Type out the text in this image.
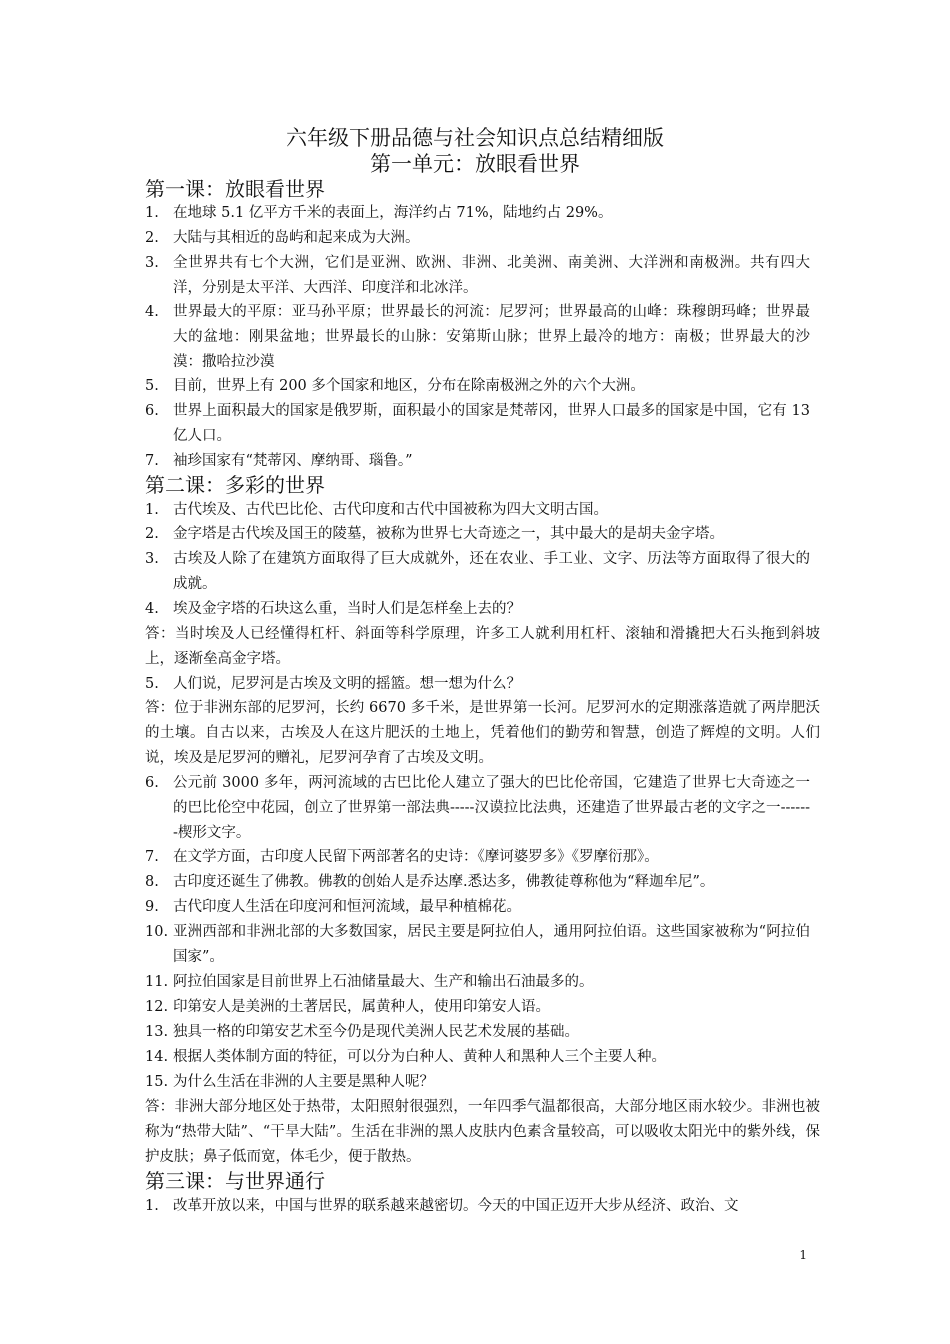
六年级下册品德与社会知识点总结精细版
第一单元：放眼看世界
第一课：放眼看世界
1. 在地球 5.1 亿平方千米的表面上，海洋约占 71%，陆地约占 29%。
2. 大陆与其相近的岛屿和起来成为大洲。
3. 全世界共有七个大洲，它们是亚洲、欧洲、非洲、北美洲、南美洲、大洋洲和南极洲。共有四大洋，分别是太平洋、大西洋、印度洋和北冰洋。
4. 世界最大的平原：亚马孙平原；世界最长的河流：尼罗河；世界最高的山峰：珠穆朗玛峰；世界最大的盆地：刚果盆地；世界最长的山脉：安第斯山脉；世界上最冷的地方：南极；世界最大的沙漠：撒哈拉沙漠
5. 目前，世界上有 200 多个国家和地区，分布在除南极洲之外的六个大洲。
6. 世界上面积最大的国家是俄罗斯，面积最小的国家是梵蒂冈，世界人口最多的国家是中国，它有 13 亿人口。
7. 袖珍国家有“梵蒂冈、摩纳哥、瑙鲁。”
第二课：多彩的世界
1. 古代埃及、古代巴比伦、古代印度和古代中国被称为四大文明古国。
2. 金字塔是古代埃及国王的陵墓，被称为世界七大奇迹之一，其中最大的是胡夫金字塔。
3. 古埃及人除了在建筑方面取得了巨大成就外，还在农业、手工业、文字、历法等方面取得了很大的成就。
4. 埃及金字塔的石块这么重，当时人们是怎样垒上去的？
答：当时埃及人已经懂得杠杆、斜面等科学原理，许多工人就利用杠杆、滚轴和滑撬把大石头拖到斜坡上，逐渐垒高金字塔。
5. 人们说，尼罗河是古埃及文明的摇篮。想一想为什么？
答：位于非洲东部的尼罗河，长约 6670 多千米，是世界第一长河。尼罗河水的定期涨落造就了两岸肥沃的土壤。自古以来，古埃及人在这片肥沃的土地上，凭着他们的勤劳和智慧，创造了辉煌的文明。人们说，埃及是尼罗河的赠礼，尼罗河孕育了古埃及文明。
6. 公元前 3000 多年，两河流域的古巴比伦人建立了强大的巴比伦帝国，它建造了世界七大奇迹之一的巴比伦空中花园，创立了世界第一部法典-----汉谟拉比法典，还建造了世界最古老的文字之一-------楔形文字。
7. 在文学方面，古印度人民留下两部著名的史诗：《摩诃婆罗多》《罗摩衍那》。
8. 古印度还诞生了佛教。佛教的创始人是乔达摩.悉达多，佛教徒尊称他为“释迦牟尼”。
9. 古代印度人生活在印度河和恒河流域，最早种植棉花。
10. 亚洲西部和非洲北部的大多数国家，居民主要是阿拉伯人，通用阿拉伯语。这些国家被称为“阿拉伯国家”。
11. 阿拉伯国家是目前世界上石油储量最大、生产和输出石油最多的。
12. 印第安人是美洲的土著居民，属黄种人，使用印第安人语。
13. 独具一格的印第安艺术至今仍是现代美洲人民艺术发展的基础。
14. 根据人类体制方面的特征，可以分为白种人、黄种人和黑种人三个主要人种。
15. 为什么生活在非洲的人主要是黑种人呢？
答：非洲大部分地区处于热带，太阳照射很强烈，一年四季气温都很高，大部分地区雨水较少。非洲也被称为“热带大陆”、“干旱大陆”。生活在非洲的黑人皮肤内色素含量较高，可以吸收太阳光中的紫外线，保护皮肤；鼻子低而宽，体毛少，便于散热。
第三课：与世界通行
1. 改革开放以来，中国与世界的联系越来越密切。今天的中国正迈开大步从经济、政治、文
1
